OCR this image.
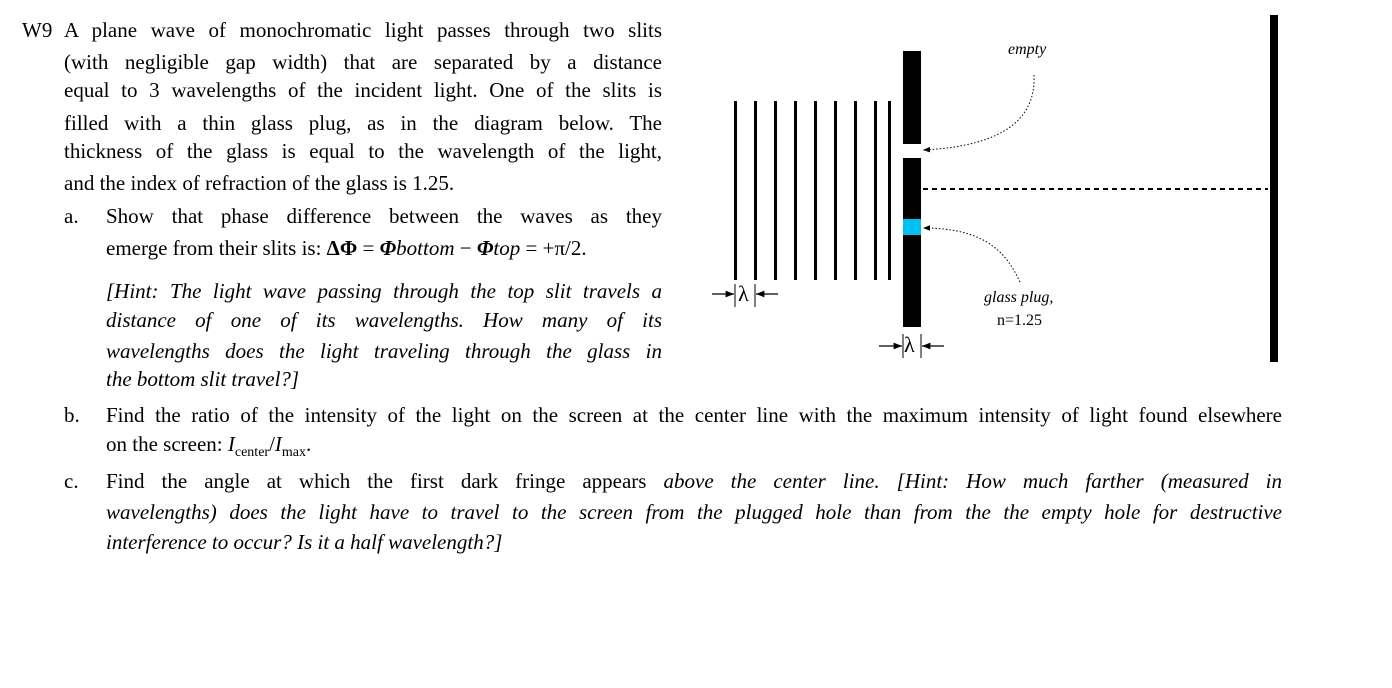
W9 A plane wave of monochromatic light passes through two slits
(with negligible gap width) that are separated by a distance
equal to 3 wavelengths of the incident light. One of the slits is
filled with a thin glass plug, as in the diagram below. The
thickness of the glass is equal to the wavelength of the light,
and the index of refraction of the glass is 1.25.
a. Show that phase difference between the waves as they
emerge from their slits is: ΔΦ = Φbottom − Φtop = +π/2.
[Hint: The light wave passing through the top slit travels a
distance of one of its wavelengths. How many of its
wavelengths does the light traveling through the glass in
the bottom slit travel?]
b. Find the ratio of the intensity of the light on the screen at the center line with the maximum intensity of light found elsewhere
on the screen: $I_{center}/I_{max}$.
c. Find the angle at which the first dark fringe appears above the center line. [Hint: How much farther (measured in
wavelengths) does the light have to travel to the screen from the plugged hole than from the the empty hole for destructive
interference to occur? Is it a half wavelength?]
empty
glass plug,
n=1.25
λ
λ
